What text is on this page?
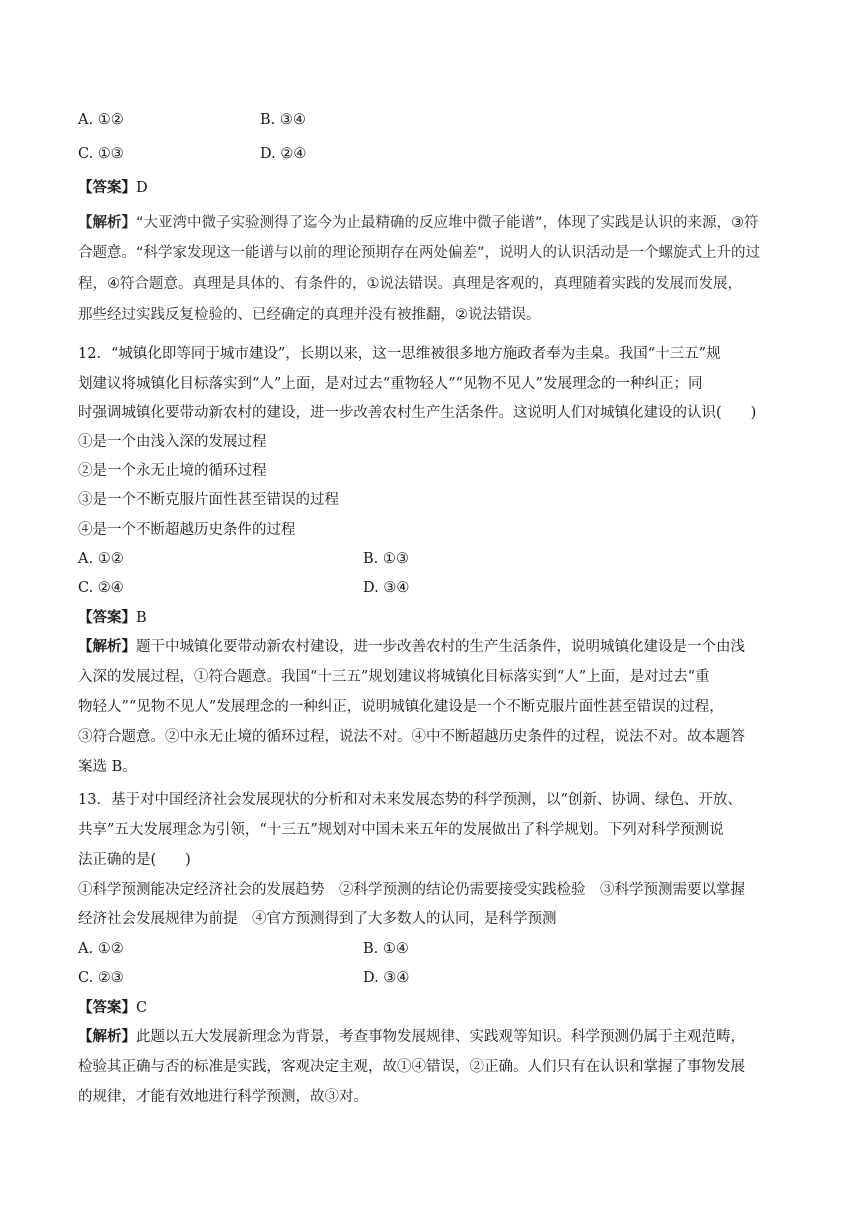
A. ①②	B. ③④
C. ①③	D. ②④
【答案】D
【解析】“大亚湾中微子实验测得了迄今为止最精确的反应堆中微子能谱”，体现了实践是认识的来源，③符
合题意。“科学家发现这一能谱与以前的理论预期存在两处偏差”，说明人的认识活动是一个螺旋式上升的过
程，④符合题意。真理是具体的、有条件的，①说法错误。真理是客观的，真理随着实践的发展而发展，
那些经过实践反复检验的、已经确定的真理并没有被推翻，②说法错误。
12．“城镇化即等同于城市建设”，长期以来，这一思维被很多地方施政者奉为圭臬。我国“十三五”规
划建议将城镇化目标落实到“人”上面，是对过去“重物轻人”“见物不见人”发展理念的一种纠正；同
时强调城镇化要带动新农村的建设，进一步改善农村生产生活条件。这说明人们对城镇化建设的认识(　　)
①是一个由浅入深的发展过程
②是一个永无止境的循环过程
③是一个不断克服片面性甚至错误的过程
④是一个不断超越历史条件的过程
A. ①②	B. ①③
C. ②④	D. ③④
【答案】B
【解析】题干中城镇化要带动新农村建设，进一步改善农村的生产生活条件，说明城镇化建设是一个由浅
入深的发展过程，①符合题意。我国“十三五”规划建议将城镇化目标落实到“人”上面，是对过去“重
物轻人”“见物不见人”发展理念的一种纠正，说明城镇化建设是一个不断克服片面性甚至错误的过程，
③符合题意。②中永无止境的循环过程，说法不对。④中不断超越历史条件的过程，说法不对。故本题答
案选 B。
13．基于对中国经济社会发展现状的分析和对未来发展态势的科学预测，以“创新、协调、绿色、开放、
共享”五大发展理念为引领，“十三五”规划对中国未来五年的发展做出了科学规划。下列对科学预测说
法正确的是(　　)
①科学预测能决定经济社会的发展趋势　②科学预测的结论仍需要接受实践检验　③科学预测需要以掌握
经济社会发展规律为前提　④官方预测得到了大多数人的认同，是科学预测
A. ①②	B. ①④
C. ②③	D. ③④
【答案】C
【解析】此题以五大发展新理念为背景，考查事物发展规律、实践观等知识。科学预测仍属于主观范畴，
检验其正确与否的标准是实践，客观决定主观，故①④错误，②正确。人们只有在认识和掌握了事物发展
的规律，才能有效地进行科学预测，故③对。
